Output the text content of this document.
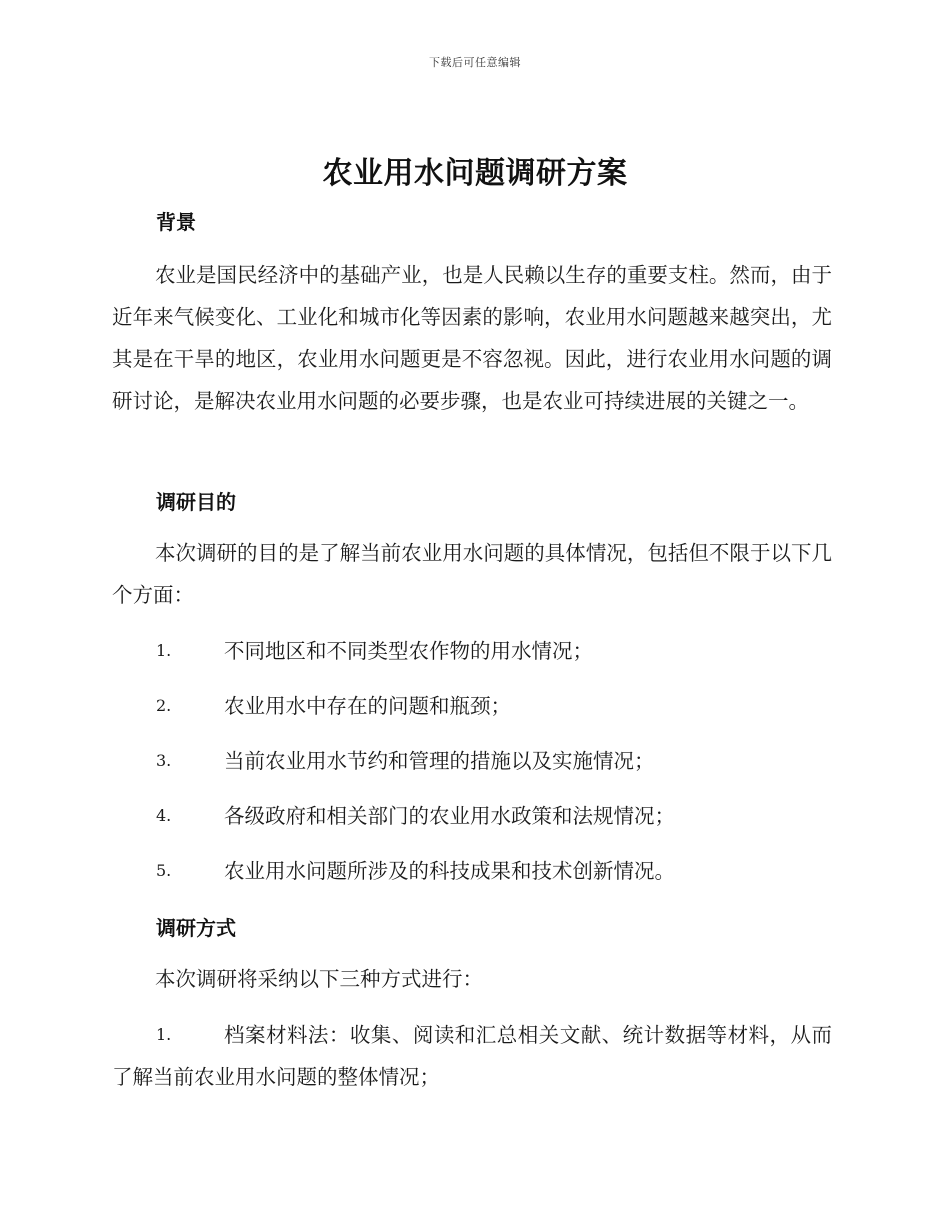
下载后可任意编辑
农业用水问题调研方案
背景

农业是国民经济中的基础产业，也是人民赖以生存的重要支柱。然而，由于近年来气候变化、工业化和城市化等因素的影响，农业用水问题越来越突出，尤其是在干旱的地区，农业用水问题更是不容忽视。因此，进行农业用水问题的调研讨论，是解决农业用水问题的必要步骤，也是农业可持续进展的关键之一。

调研目的

本次调研的目的是了解当前农业用水问题的具体情况，包括但不限于以下几个方面：

1.	不同地区和不同类型农作物的用水情况；
2.	农业用水中存在的问题和瓶颈；
3.	当前农业用水节约和管理的措施以及实施情况；
4.	各级政府和相关部门的农业用水政策和法规情况；
5.	农业用水问题所涉及的科技成果和技术创新情况。
调研方式

本次调研将采纳以下三种方式进行：

1.	档案材料法：收集、阅读和汇总相关文献、统计数据等材料，从而了解当前农业用水问题的整体情况；
